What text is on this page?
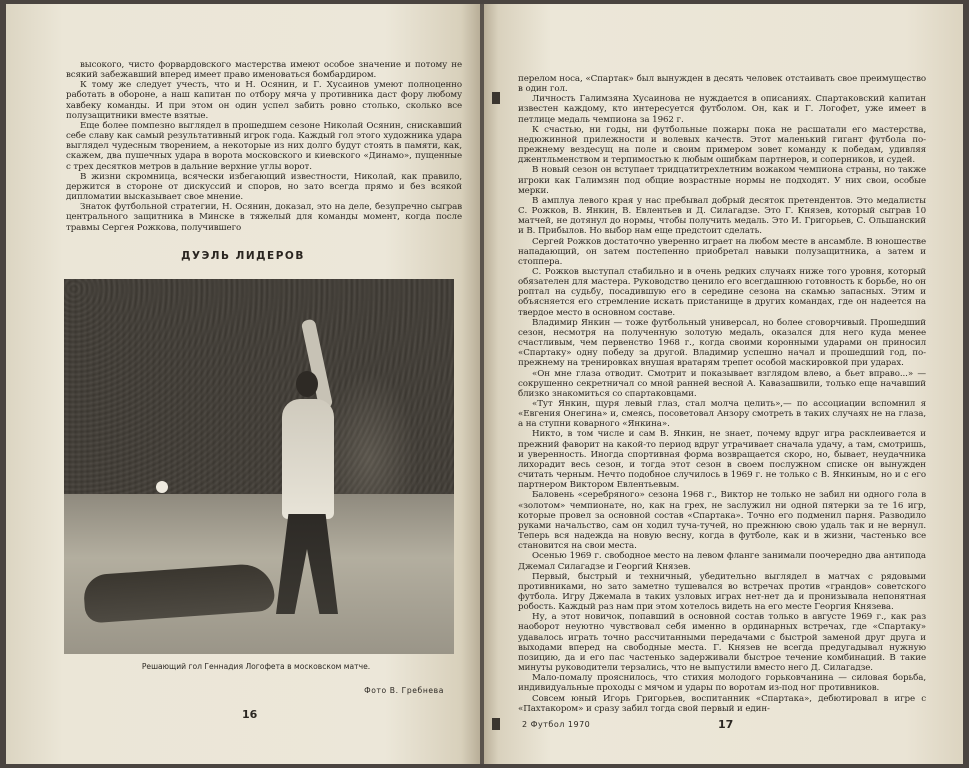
высокого, чисто форвардовского мастерства имеют особое значение и потому не всякий забежавший вперед имеет право именоваться бомбардиром.

К тому же следует учесть, что и Н. Осянин, и Г. Хусаинов умеют полноценно работать в обороне, а наш капитан по отбору мяча у противника даст фору любому хавбеку команды. И при этом он один успел забить ровно столько, сколько все полузащитники вместе взятые.

Еще более помпезно выглядел в прошедшем сезоне Николай Осянин, снискавший себе славу как самый результативный игрок года. Каждый гол этого художника удара выглядел чудесным творением, а некоторые из них долго будут стоять в памяти, как, скажем, два пушечных удара в ворота московского и киевского «Динамо», пущенные с трех десятков метров в дальние верхние углы ворот.

В жизни скромница, всячески избегающий известности, Николай, как правило, держится в стороне от дискуссий и споров, но зато всегда прямо и без всякой дипломатии высказывает свое мнение.

Знаток футбольной стратегии, Н. Осянин, доказал, это на деле, безупречно сыграв центрального защитника в Минске в тяжелый для команды момент, когда после травмы Сергея Рожкова, получившего

ДУЭЛЬ ЛИДЕРОВ
Решающий гол Геннадия Логофета в московском матче.
Фото В. Гребнева
16

перелом носа, «Спартак» был вынужден в десять человек отстаивать свое преимущество в один гол.

Личность Галимзяна Хусаинова не нуждается в описаниях. Спартаковский капитан известен каждому, кто интересуется футболом. Он, как и Г. Логофет, уже имеет в петлице медаль чемпиона за 1962 г.

К счастью, ни годы, ни футбольные пожары пока не расшатали его мастерства, недюжинной прилежности и волевых качеств. Этот маленький гигант футбола по-прежнему вездесущ на поле и своим примером зовет команду к победам, удивляя джентльменством и терпимостью к любым ошибкам партнеров, и соперников, и судей.

В новый сезон он вступает тридцатитрехлетним вожаком чемпиона страны, но также игроки как Галимзян под общие возрастные нормы не подходят. У них свои, особые мерки.

В амплуа левого края у нас пребывал добрый десяток претендентов. Это медалисты С. Рожков, В. Янкин, В. Евлентьев и Д. Силагадзе. Это Г. Князев, который сыграв 10 матчей, не дотянул до нормы, чтобы получить медаль. Это И. Григорьев, С. Ольшанский и В. Прибылов. Но выбор нам еще предстоит сделать.

Сергей Рожков достаточно уверенно играет на любом месте в ансамбле. В юношестве нападающий, он затем постепенно приобретал навыки полузащитника, а затем и стоппера.

С. Рожков выступал стабильно и в очень редких случаях ниже того уровня, который обязателен для мастера. Руководство ценило его всегдашнюю готовность к борьбе, но он роптал на судьбу, посадившую его в середине сезона на скамью запасных. Этим и объясняется его стремление искать пристанище в других командах, где он надеется на твердое место в основном составе.

Владимир Янкин — тоже футбольный универсал, но более сговорчивый. Прошедший сезон, несмотря на полученную золотую медаль, оказался для него куда менее счастливым, чем первенство 1968 г., когда своими коронными ударами он приносил «Спартаку» одну победу за другой. Владимир успешно начал и прошедший год, по-прежнему на тренировках внушая вратарям трепет особой маскировкой при ударах.

«Он мне глаза отводит. Смотрит и показывает взглядом влево, а бьет вправо...» — сокрушенно секретничал со мной ранней весной А. Кавазашвили, только еще начавший близко знакомиться со спартаковцами.

«Тут Янкин, щуря левый глаз, стал молча целить»,— по ассоциации вспомнил я «Евгения Онегина» и, смеясь, посоветовал Анзору смотреть в таких случаях не на глаза, а на ступни коварного «Янкина».

Никто, в том числе и сам В. Янкин, не знает, почему вдруг игра расклеивается и прежний фаворит на какой-то период вдруг утрачивает сначала удачу, а там, смотришь, и уверенность. Иногда спортивная форма возвращается скоро, но, бывает, неудачника лихорадит весь сезон, и тогда этот сезон в своем послужном списке он вынужден считать черным. Нечто подобное случилось в 1969 г. не только с В. Янкиным, но и с его партнером Виктором Евлентьевым.

Баловень «серебряного» сезона 1968 г., Виктор не только не забил ни одного гола в «золотом» чемпионате, но, как на грех, не заслужил ни одной пятерки за те 16 игр, которые провел за основной состав «Спартака». Точно его подменил парня. Разводило руками начальство, сам он ходил туча-тучей, но прежнюю свою удаль так и не вернул. Теперь вся надежда на новую весну, когда в футболе, как и в жизни, частенько все становится на свои места.

Осенью 1969 г. свободное место на левом фланге занимали поочередно два антипода Джемал Силагадзе и Георгий Князев.

Первый, быстрый и техничный, убедительно выглядел в матчах с рядовыми противниками, но зато заметно тушевался во встречах против «грандов» советского футбола. Игру Джемала в таких узловых играх нет-нет да и пронизывала непонятная робость. Каждый раз нам при этом хотелось видеть на его месте Георгия Князева.

Ну, а этот новичок, попавший в основной состав только в августе 1969 г., как раз наоборот неуютно чувствовал себя именно в ординарных встречах, где «Спартаку» удавалось играть точно рассчитанными передачами с быстрой заменой друг друга и выходами вперед на свободные места. Г. Князев не всегда предугадывал нужную позицию, да и его пас частенько задерживали быстрое течение комбинаций. В такие минуты руководители терзались, что не выпустили вместо него Д. Силагадзе.

Мало-помалу прояснилось, что стихия молодого горьковчанина — силовая борьба, индивидуальные проходы с мячом и удары по воротам из-под ног противников.

Совсем юный Игорь Григорьев, воспитанник «Спартака», дебютировал в игре с «Пахтакором» и сразу забил тогда свой первый и един-

2 Футбол 1970	17
